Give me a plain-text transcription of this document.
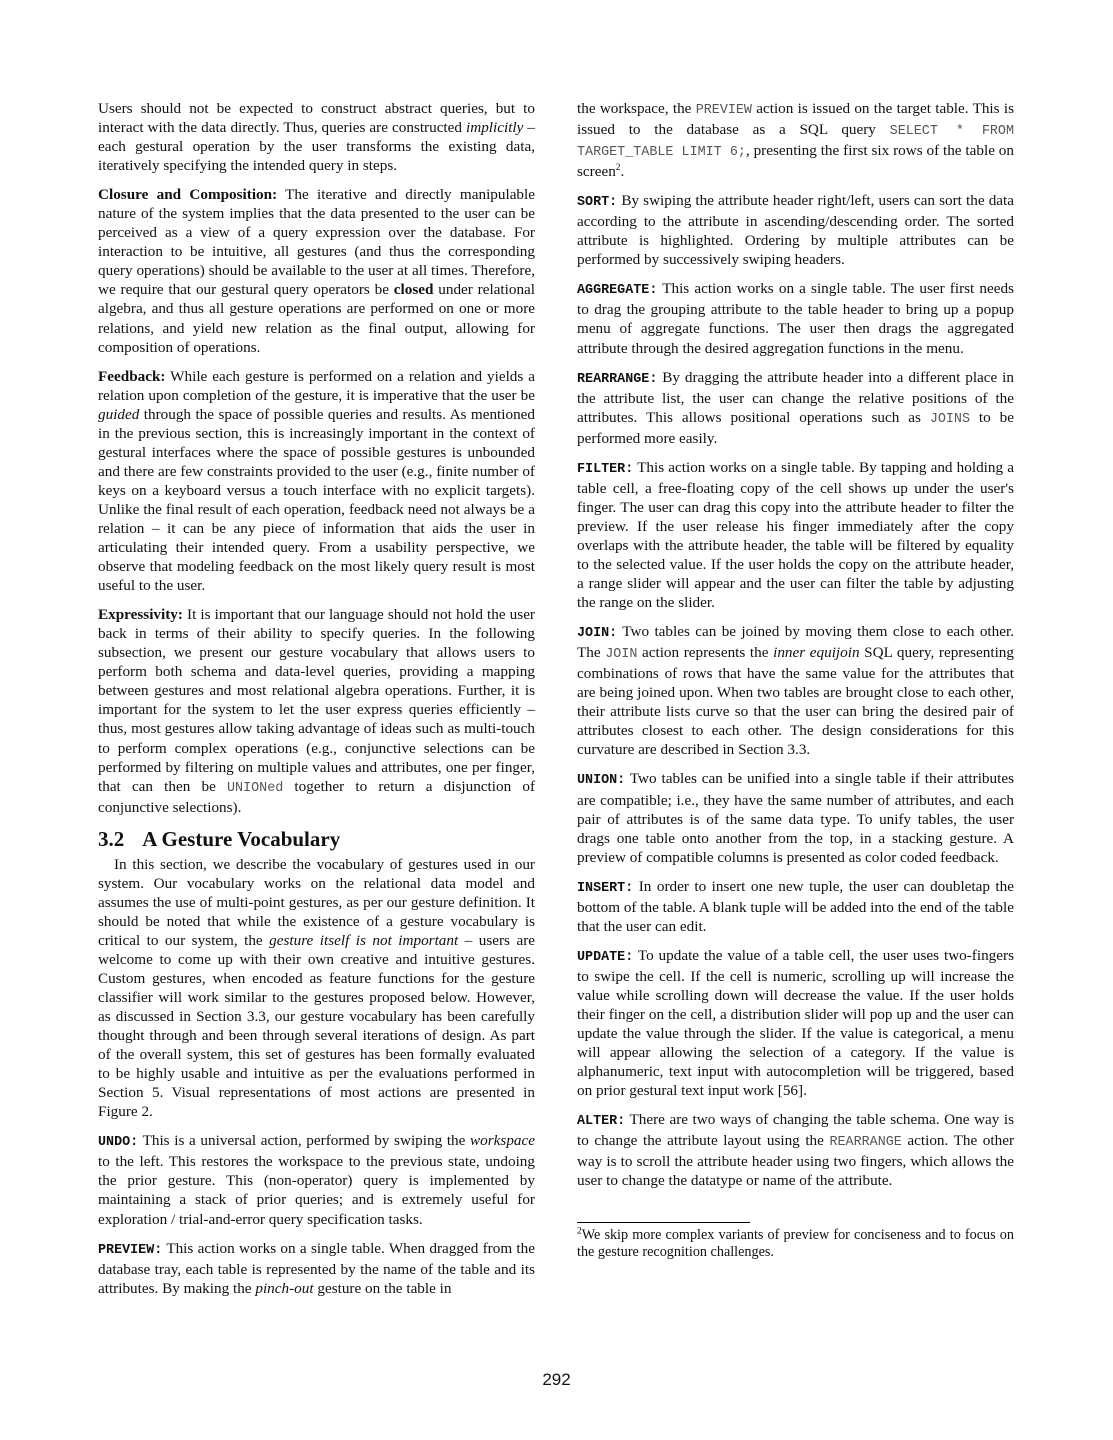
Users should not be expected to construct abstract queries, but to interact with the data directly. Thus, queries are constructed implicitly – each gestural operation by the user transforms the existing data, iteratively specifying the intended query in steps.

Closure and Composition: The iterative and directly manipulable nature of the system implies that the data presented to the user can be perceived as a view of a query expression over the database. For interaction to be intuitive, all gestures (and thus the corresponding query operations) should be available to the user at all times. Therefore, we require that our gestural query operators be closed under relational algebra, and thus all gesture operations are performed on one or more relations, and yield new relation as the final output, allowing for composition of operations.

Feedback: While each gesture is performed on a relation and yields a relation upon completion of the gesture, it is imperative that the user be guided through the space of possible queries and results. As mentioned in the previous section, this is increasingly important in the context of gestural interfaces where the space of possible gestures is unbounded and there are few constraints provided to the user (e.g., finite number of keys on a keyboard versus a touch interface with no explicit targets). Unlike the final result of each operation, feedback need not always be a relation – it can be any piece of information that aids the user in articulating their intended query. From a usability perspective, we observe that modeling feedback on the most likely query result is most useful to the user.

Expressivity: It is important that our language should not hold the user back in terms of their ability to specify queries. In the following subsection, we present our gesture vocabulary that allows users to perform both schema and data-level queries, providing a mapping between gestures and most relational algebra operations. Further, it is important for the system to let the user express queries efficiently – thus, most gestures allow taking advantage of ideas such as multi-touch to perform complex operations (e.g., conjunctive selections can be performed by filtering on multiple values and attributes, one per finger, that can then be UNIONed together to return a disjunction of conjunctive selections).

3.2 A Gesture Vocabulary

In this section, we describe the vocabulary of gestures used in our system. Our vocabulary works on the relational data model and assumes the use of multi-point gestures, as per our gesture definition. It should be noted that while the existence of a gesture vocabulary is critical to our system, the gesture itself is not important – users are welcome to come up with their own creative and intuitive gestures. Custom gestures, when encoded as feature functions for the gesture classifier will work similar to the gestures proposed below. However, as discussed in Section 3.3, our gesture vocabulary has been carefully thought through and been through several iterations of design. As part of the overall system, this set of gestures has been formally evaluated to be highly usable and intuitive as per the evaluations performed in Section 5. Visual representations of most actions are presented in Figure 2.

UNDO: This is a universal action, performed by swiping the workspace to the left. This restores the workspace to the previous state, undoing the prior gesture. This (non-operator) query is implemented by maintaining a stack of prior queries; and is extremely useful for exploration / trial-and-error query specification tasks.

PREVIEW: This action works on a single table. When dragged from the database tray, each table is represented by the name of the table and its attributes. By making the pinch-out gesture on the table in

the workspace, the PREVIEW action is issued on the target table. This is issued to the database as a SQL query SELECT * FROM TARGET_TABLE LIMIT 6;, presenting the first six rows of the table on screen$^2$.

SORT: By swiping the attribute header right/left, users can sort the data according to the attribute in ascending/descending order. The sorted attribute is highlighted. Ordering by multiple attributes can be performed by successively swiping headers.

AGGREGATE: This action works on a single table. The user first needs to drag the grouping attribute to the table header to bring up a popup menu of aggregate functions. The user then drags the aggregated attribute through the desired aggregation functions in the menu.

REARRANGE: By dragging the attribute header into a different place in the attribute list, the user can change the relative positions of the attributes. This allows positional operations such as JOINS to be performed more easily.

FILTER: This action works on a single table. By tapping and holding a table cell, a free-floating copy of the cell shows up under the user's finger. The user can drag this copy into the attribute header to filter the preview. If the user release his finger immediately after the copy overlaps with the attribute header, the table will be filtered by equality to the selected value. If the user holds the copy on the attribute header, a range slider will appear and the user can filter the table by adjusting the range on the slider.

JOIN: Two tables can be joined by moving them close to each other. The JOIN action represents the inner equijoin SQL query, representing combinations of rows that have the same value for the attributes that are being joined upon. When two tables are brought close to each other, their attribute lists curve so that the user can bring the desired pair of attributes closest to each other. The design considerations for this curvature are described in Section 3.3.

UNION: Two tables can be unified into a single table if their attributes are compatible; i.e., they have the same number of attributes, and each pair of attributes is of the same data type. To unify tables, the user drags one table onto another from the top, in a stacking gesture. A preview of compatible columns is presented as color coded feedback.

INSERT: In order to insert one new tuple, the user can doubletap the bottom of the table. A blank tuple will be added into the end of the table that the user can edit.

UPDATE: To update the value of a table cell, the user uses two-fingers to swipe the cell. If the cell is numeric, scrolling up will increase the value while scrolling down will decrease the value. If the user holds their finger on the cell, a distribution slider will pop up and the user can update the value through the slider. If the value is categorical, a menu will appear allowing the selection of a category. If the value is alphanumeric, text input with autocompletion will be triggered, based on prior gestural text input work [56].

ALTER: There are two ways of changing the table schema. One way is to change the attribute layout using the REARRANGE action. The other way is to scroll the attribute header using two fingers, which allows the user to change the datatype or name of the attribute.

$^2$We skip more complex variants of preview for conciseness and to focus on the gesture recognition challenges.
292
